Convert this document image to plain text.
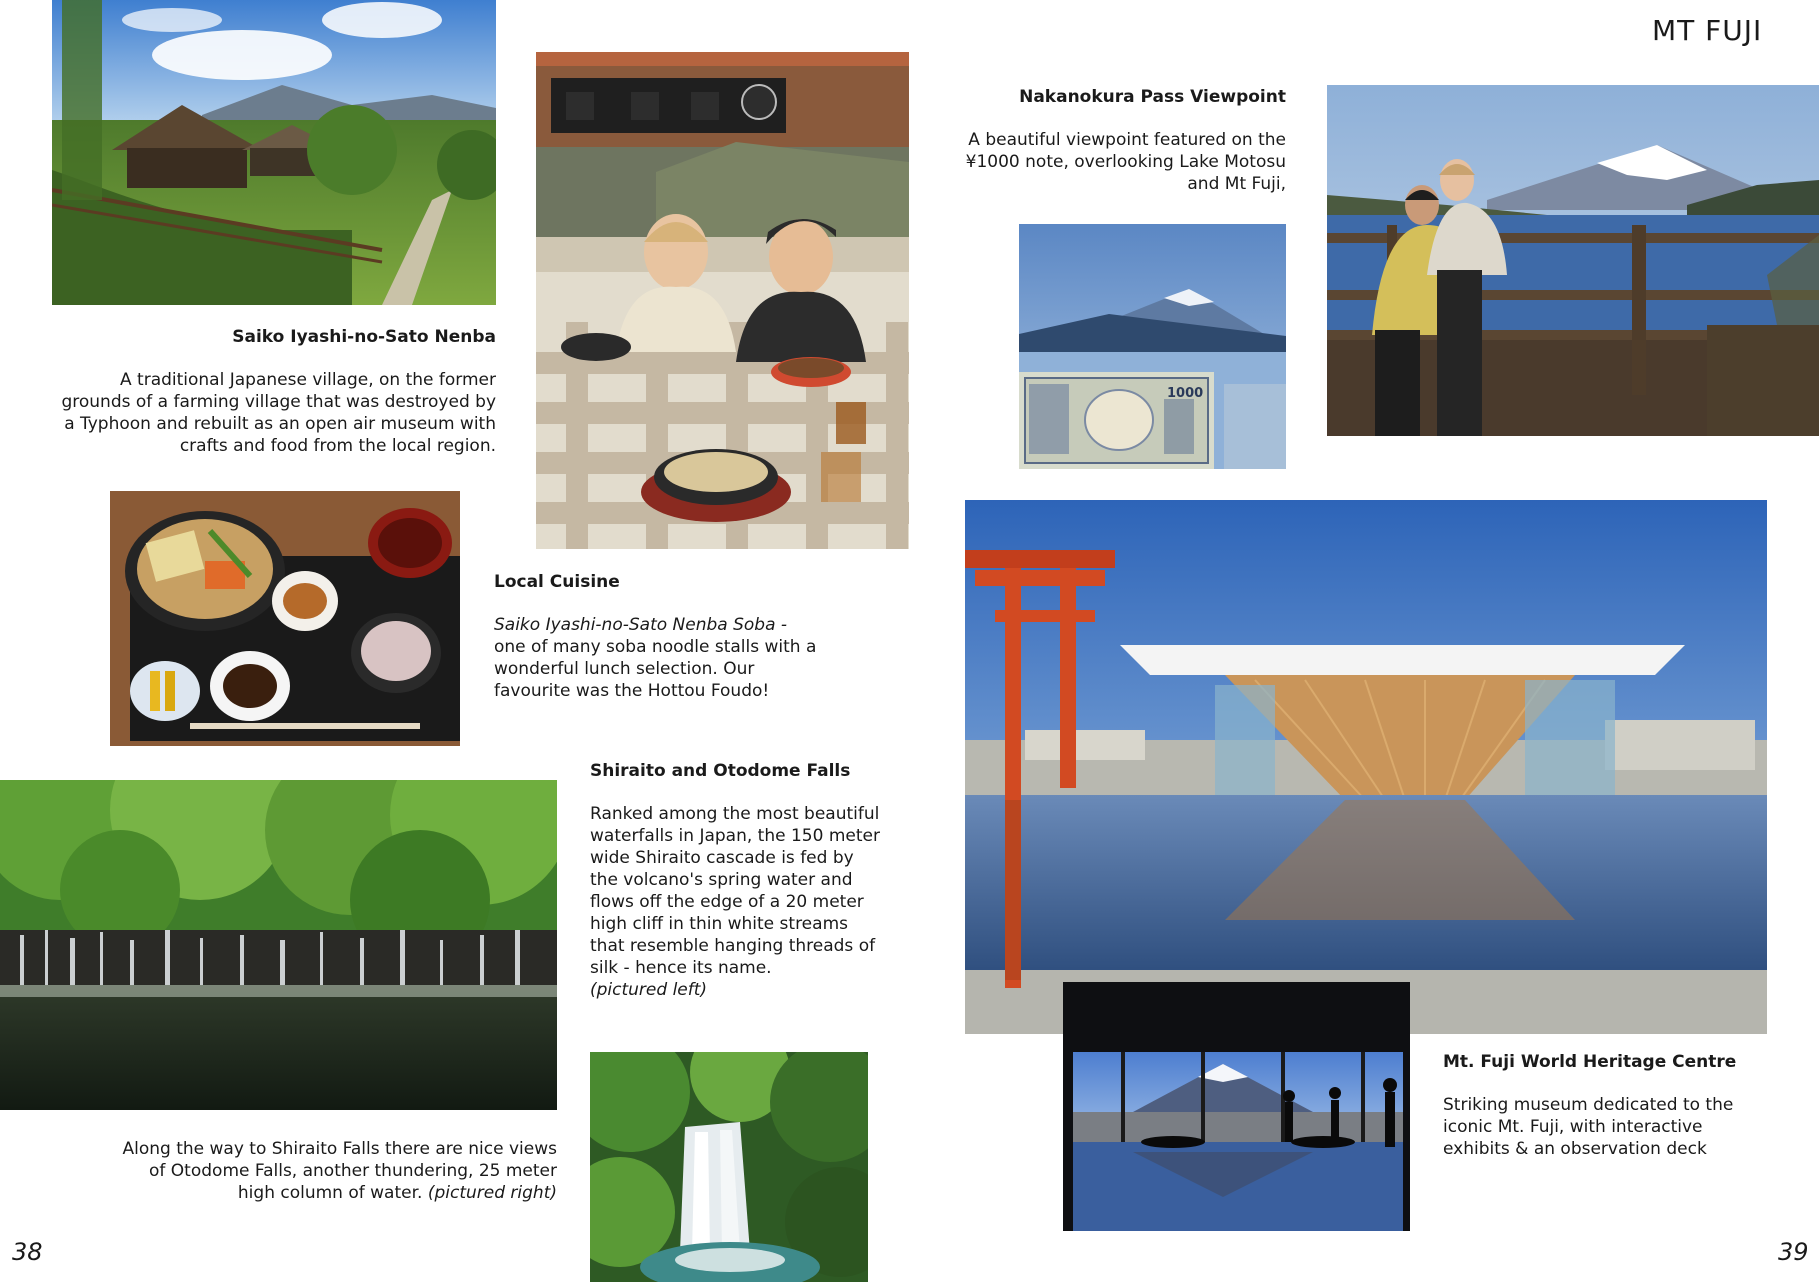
MT FUJI
Saiko Iyashi-no-Sato Nenba

A traditional Japanese village, on the former grounds of a farming village that was destroyed by a Typhoon and rebuilt as an open air museum with crafts and food from the local region.

Nakanokura Pass Viewpoint

A beautiful viewpoint featured on the ¥1000 note, overlooking Lake Motosu and Mt Fuji,

1000
Local Cuisine

Saiko Iyashi-no-Sato Nenba Soba - one of many soba noodle stalls with a wonderful lunch selection. Our favourite was the Hottou Foudo!

Shiraito and Otodome Falls

Ranked among the most beautiful waterfalls in Japan, the 150 meter wide Shiraito cascade is fed by the volcano's spring water and flows off the edge of a 20 meter high cliff in thin white streams that resemble hanging threads of silk - hence its name.
(pictured left)

Along the way to Shiraito Falls there are nice views of Otodome Falls, another thundering, 25 meter high column of water. (pictured right)

Mt. Fuji World Heritage Centre

Striking museum dedicated to the iconic Mt. Fuji, with interactive exhibits & an observation deck

38	39
